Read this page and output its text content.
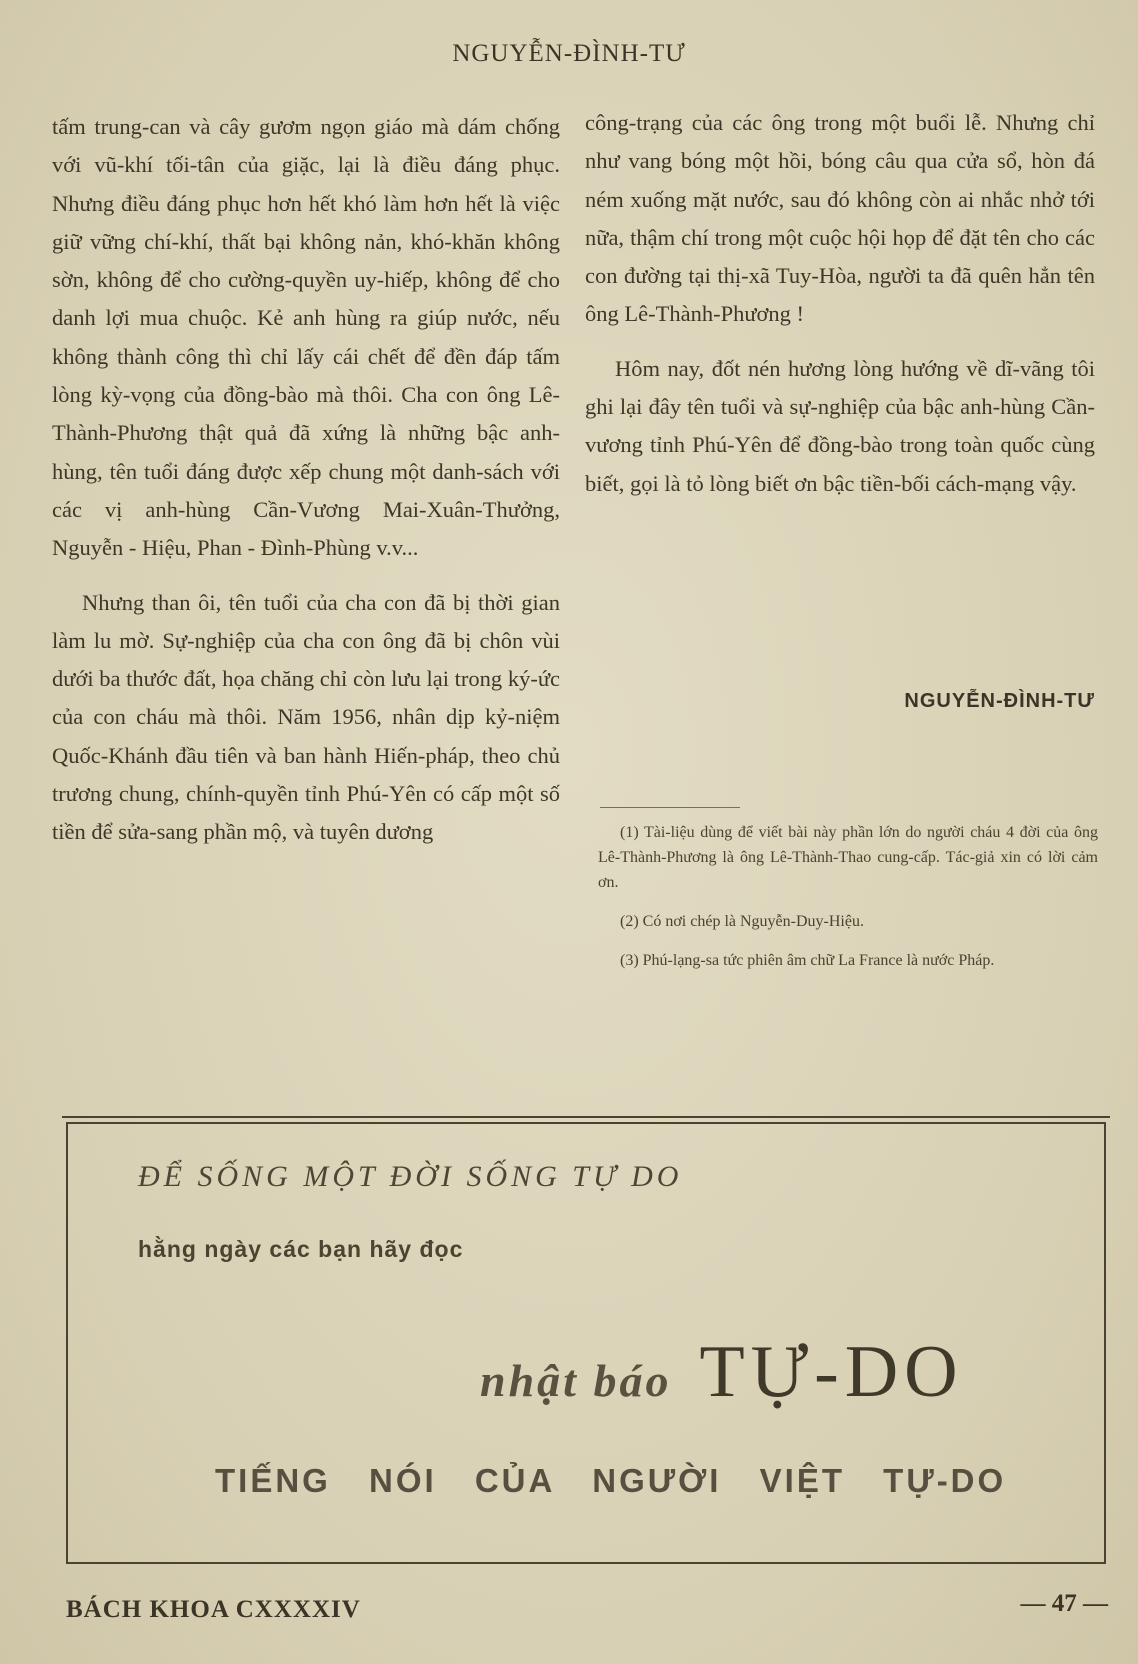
NGUYỄN-ĐÌNH-TƯ

tấm trung-can và cây gươm ngọn giáo mà dám chống với vũ-khí tối-tân của giặc, lại là điều đáng phục. Nhưng điều đáng phục hơn hết khó làm hơn hết là việc giữ vững chí-khí, thất bại không nản, khó-khăn không sờn, không để cho cường-quyền uy-hiếp, không để cho danh lợi mua chuộc. Kẻ anh hùng ra giúp nước, nếu không thành công thì chỉ lấy cái chết để đền đáp tấm lòng kỳ-vọng của đồng-bào mà thôi. Cha con ông Lê-Thành-Phương thật quả đã xứng là những bậc anh-hùng, tên tuổi đáng được xếp chung một danh-sách với các vị anh-hùng Cần-Vương Mai-Xuân-Thưởng, Nguyễn - Hiệu, Phan - Đình-Phùng v.v...

Nhưng than ôi, tên tuổi của cha con đã bị thời gian làm lu mờ. Sự-nghiệp của cha con ông đã bị chôn vùi dưới ba thước đất, họa chăng chỉ còn lưu lại trong ký-ức của con cháu mà thôi. Năm 1956, nhân dịp kỷ-niệm Quốc-Khánh đầu tiên và ban hành Hiến-pháp, theo chủ trương chung, chính-quyền tỉnh Phú-Yên có cấp một số tiền để sửa-sang phần mộ, và tuyên dương

công-trạng của các ông trong một buổi lễ. Nhưng chỉ như vang bóng một hồi, bóng câu qua cửa sổ, hòn đá ném xuống mặt nước, sau đó không còn ai nhắc nhở tới nữa, thậm chí trong một cuộc hội họp để đặt tên cho các con đường tại thị-xã Tuy-Hòa, người ta đã quên hẳn tên ông Lê-Thành-Phương !

Hôm nay, đốt nén hương lòng hướng về dĩ-vãng tôi ghi lại đây tên tuổi và sự-nghiệp của bậc anh-hùng Cần-vương tỉnh Phú-Yên để đồng-bào trong toàn quốc cùng biết, gọi là tỏ lòng biết ơn bậc tiền-bối cách-mạng vậy.

NGUYỄN-ĐÌNH-TƯ

(1) Tài-liệu dùng để viết bài này phần lớn do người cháu 4 đời của ông Lê-Thành-Phương là ông Lê-Thành-Thao cung-cấp. Tác-giả xin có lời cảm ơn.

(2) Có nơi chép là Nguyễn-Duy-Hiệu.

(3) Phú-lạng-sa tức phiên âm chữ La France là nước Pháp.

ĐỂ SỐNG MỘT ĐỜI SỐNG TỰ DO
hằng ngày các bạn hãy đọc
nhật báo TỰ-DO
TIẾNG NÓI CỦA NGƯỜI VIỆT TỰ-DO
BÁCH KHOA CXXXXIV	— 47 —
